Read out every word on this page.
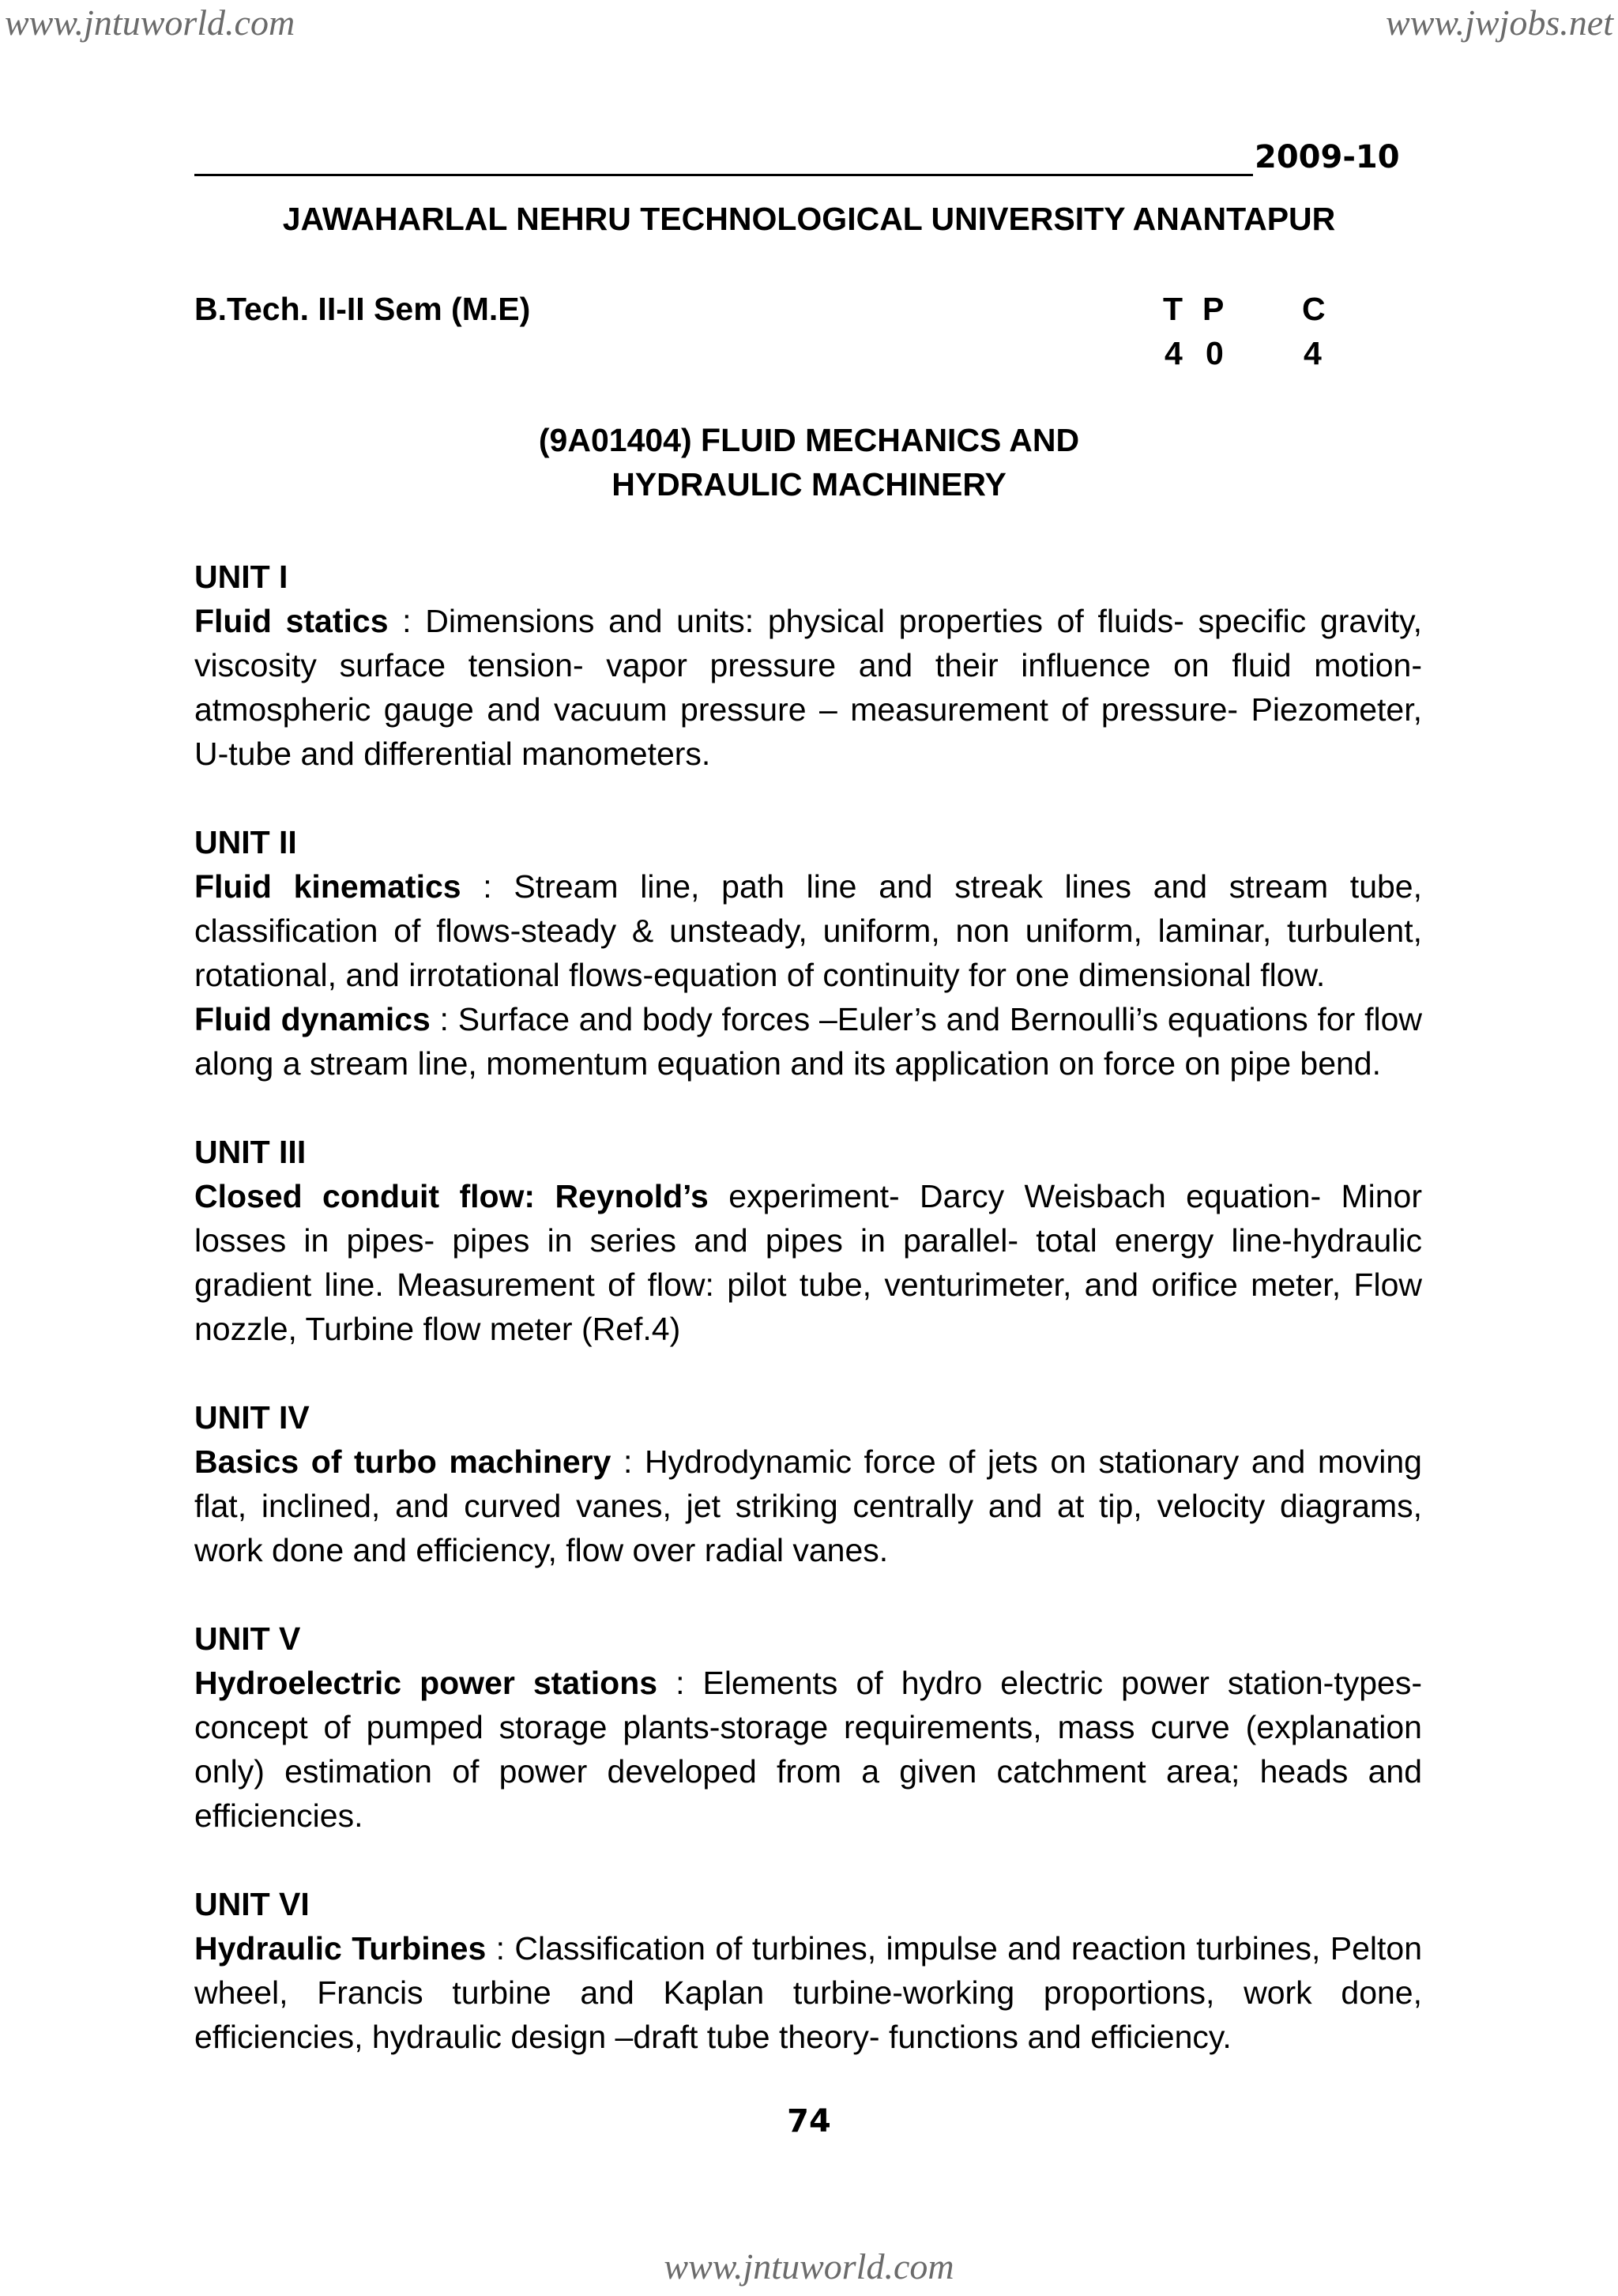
www.jntuworld.com	www.jwjobs.net
2009-10
JAWAHARLAL NEHRU TECHNOLOGICAL UNIVERSITY ANANTAPUR
B.Tech. II-II Sem (M.E)	T P C
4 0 4
(9A01404) FLUID MECHANICS AND
HYDRAULIC MACHINERY

UNIT I

Fluid statics : Dimensions and units: physical properties of fluids- specific gravity, viscosity surface tension- vapor pressure and their influence on fluid motion-atmospheric gauge and vacuum pressure – measurement of pressure- Piezometer, U-tube and differential manometers.

UNIT II

Fluid kinematics : Stream line, path line and streak lines and stream tube, classification of flows-steady & unsteady, uniform, non uniform, laminar, turbulent, rotational, and irrotational flows-equation of continuity for one dimensional flow.

Fluid dynamics : Surface and body forces –Euler’s and Bernoulli’s equations for flow along a stream line, momentum equation and its application on force on pipe bend.

UNIT III

Closed conduit flow: Reynold’s experiment- Darcy Weisbach equation- Minor losses in pipes- pipes in series and pipes in parallel- total energy line-hydraulic gradient line. Measurement of flow: pilot tube, venturimeter, and orifice meter, Flow nozzle, Turbine flow meter (Ref.4)

UNIT IV

Basics of turbo machinery : Hydrodynamic force of jets on stationary and moving flat, inclined, and curved vanes, jet striking centrally and at tip, velocity diagrams, work done and efficiency, flow over radial vanes.

UNIT V

Hydroelectric power stations : Elements of hydro electric power station-types-concept of pumped storage plants-storage requirements, mass curve (explanation only) estimation of power developed from a given catchment area; heads and efficiencies.

UNIT VI

Hydraulic Turbines : Classification of turbines, impulse and reaction turbines, Pelton wheel, Francis turbine and Kaplan turbine-working proportions, work done, efficiencies, hydraulic design –draft tube theory- functions and efficiency.

74
www.jntuworld.com
